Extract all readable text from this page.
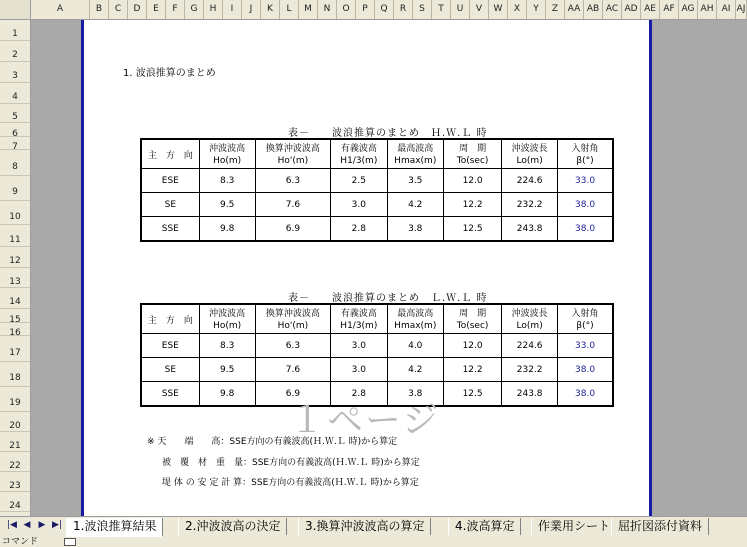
A	B	C	D	E	F	G	H	I	J	K	L	M	N	O	P	Q	R	S	T	U	V	W	X	Y	Z	AA AB AC AD AE AF AG AH AI AJ
1
2
3
4
5
6
7
8
9
10
11
12
13
14
15
16
17
18
19
20
21
22
23
24
1. 波浪推算のまとめ
表－　　波浪推算のまとめ　Ｈ.Ｗ.Ｌ 時
主　方　向	沖波波高	換算沖波波高	有義波高	最高波高	周　期	沖波波長	入射角
	Ho(m)	Ho'(m)	H1/3(m)	Hmax(m)	To(sec)	Lo(m)	β(°)
ESE	8.3	6.3	2.5	3.5	12.0	224.6	33.0
SE	9.5	7.6	3.0	4.2	12.2	232.2	38.0
SSE	9.8	6.9	2.8	3.8	12.5	243.8	38.0
表－　　波浪推算のまとめ　Ｌ.Ｗ.Ｌ 時
主　方　向	沖波波高	換算沖波波高	有義波高	最高波高	周　期	沖波波長	入射角
	Ho(m)	Ho'(m)	H1/3(m)	Hmax(m)	To(sec)	Lo(m)	β(°)
ESE	8.3	6.3	3.0	4.0	12.0	224.6	33.0
SE	9.5	7.6	3.0	4.2	12.2	232.2	38.0
SSE	9.8	6.9	2.8	3.8	12.5	243.8	38.0
１ページ
※ 天　　端　　高：SSE方向の有義波高(Ｈ.Ｗ.Ｌ 時)から算定
被　覆　材　重　量：SSE方向の有義波高(Ｈ.Ｗ.Ｌ 時)から算定
堤 体 の 安 定 計 算：SSE方向の有義波高(Ｈ.Ｗ.Ｌ 時)から算定
|◀ ◀ ▶ ▶| 1.波浪推算結果	2.沖波波高の決定	3.換算沖波波高の算定	4.波高算定	作業用シート 屈折図添付資料
コマンド
